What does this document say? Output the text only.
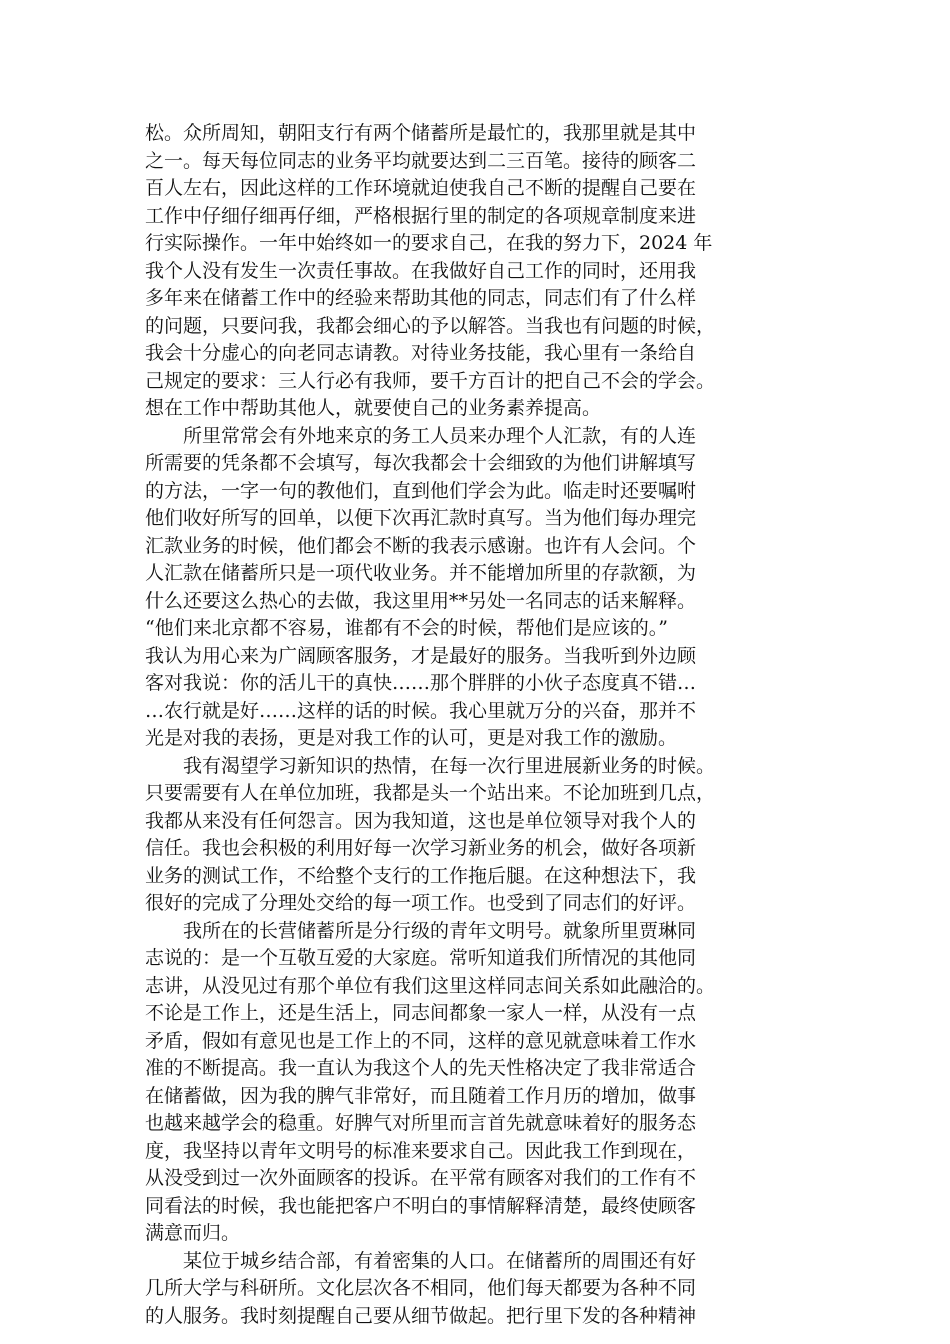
松。众所周知，朝阳支行有两个储蓄所是最忙的，我那里就是其中
之一。每天每位同志的业务平均就要达到二三百笔。接待的顾客二
百人左右，因此这样的工作环境就迫使我自己不断的提醒自己要在
工作中仔细仔细再仔细，严格根据行里的制定的各项规章制度来进
行实际操作。一年中始终如一的要求自己，在我的努力下，2024 年
我个人没有发生一次责任事故。在我做好自己工作的同时，还用我
多年来在储蓄工作中的经验来帮助其他的同志，同志们有了什么样
的问题，只要问我，我都会细心的予以解答。当我也有问题的时候，
我会十分虚心的向老同志请教。对待业务技能，我心里有一条给自
己规定的要求：三人行必有我师，要千方百计的把自己不会的学会。
想在工作中帮助其他人，就要使自己的业务素养提高。
　　所里常常会有外地来京的务工人员来办理个人汇款，有的人连
所需要的凭条都不会填写，每次我都会十会细致的为他们讲解填写
的方法，一字一句的教他们，直到他们学会为此。临走时还要嘱咐
他们收好所写的回单，以便下次再汇款时真写。当为他们每办理完
汇款业务的时候，他们都会不断的我表示感谢。也许有人会问。个
人汇款在储蓄所只是一项代收业务。并不能增加所里的存款额，为
什么还要这么热心的去做，我这里用**另处一名同志的话来解释。
“他们来北京都不容易，谁都有不会的时候，帮他们是应该的。”
我认为用心来为广阔顾客服务，才是最好的服务。当我听到外边顾
客对我说：你的活儿干的真快……那个胖胖的小伙子态度真不错…
…农行就是好……这样的话的时候。我心里就万分的兴奋，那并不
光是对我的表扬，更是对我工作的认可，更是对我工作的激励。
　　我有渴望学习新知识的热情，在每一次行里进展新业务的时候。
只要需要有人在单位加班，我都是头一个站出来。不论加班到几点，
我都从来没有任何怨言。因为我知道，这也是单位领导对我个人的
信任。我也会积极的利用好每一次学习新业务的机会，做好各项新
业务的测试工作，不给整个支行的工作拖后腿。在这种想法下，我
很好的完成了分理处交给的每一项工作。也受到了同志们的好评。
　　我所在的长营储蓄所是分行级的青年文明号。就象所里贾琳同
志说的：是一个互敬互爱的大家庭。常听知道我们所情况的其他同
志讲，从没见过有那个单位有我们这里这样同志间关系如此融洽的。
不论是工作上，还是生活上，同志间都象一家人一样，从没有一点
矛盾，假如有意见也是工作上的不同，这样的意见就意味着工作水
准的不断提高。我一直认为我这个人的先天性格决定了我非常适合
在储蓄做，因为我的脾气非常好，而且随着工作月历的增加，做事
也越来越学会的稳重。好脾气对所里而言首先就意味着好的服务态
度，我坚持以青年文明号的标准来要求自己。因此我工作到现在，
从没受到过一次外面顾客的投诉。在平常有顾客对我们的工作有不
同看法的时候，我也能把客户不明白的事情解释清楚，最终使顾客
满意而归。
　　某位于城乡结合部，有着密集的人口。在储蓄所的周围还有好
几所大学与科研所。文化层次各不相同，他们每天都要为各种不同
的人服务。我时刻提醒自己要从细节做起。把行里下发的各种精神
